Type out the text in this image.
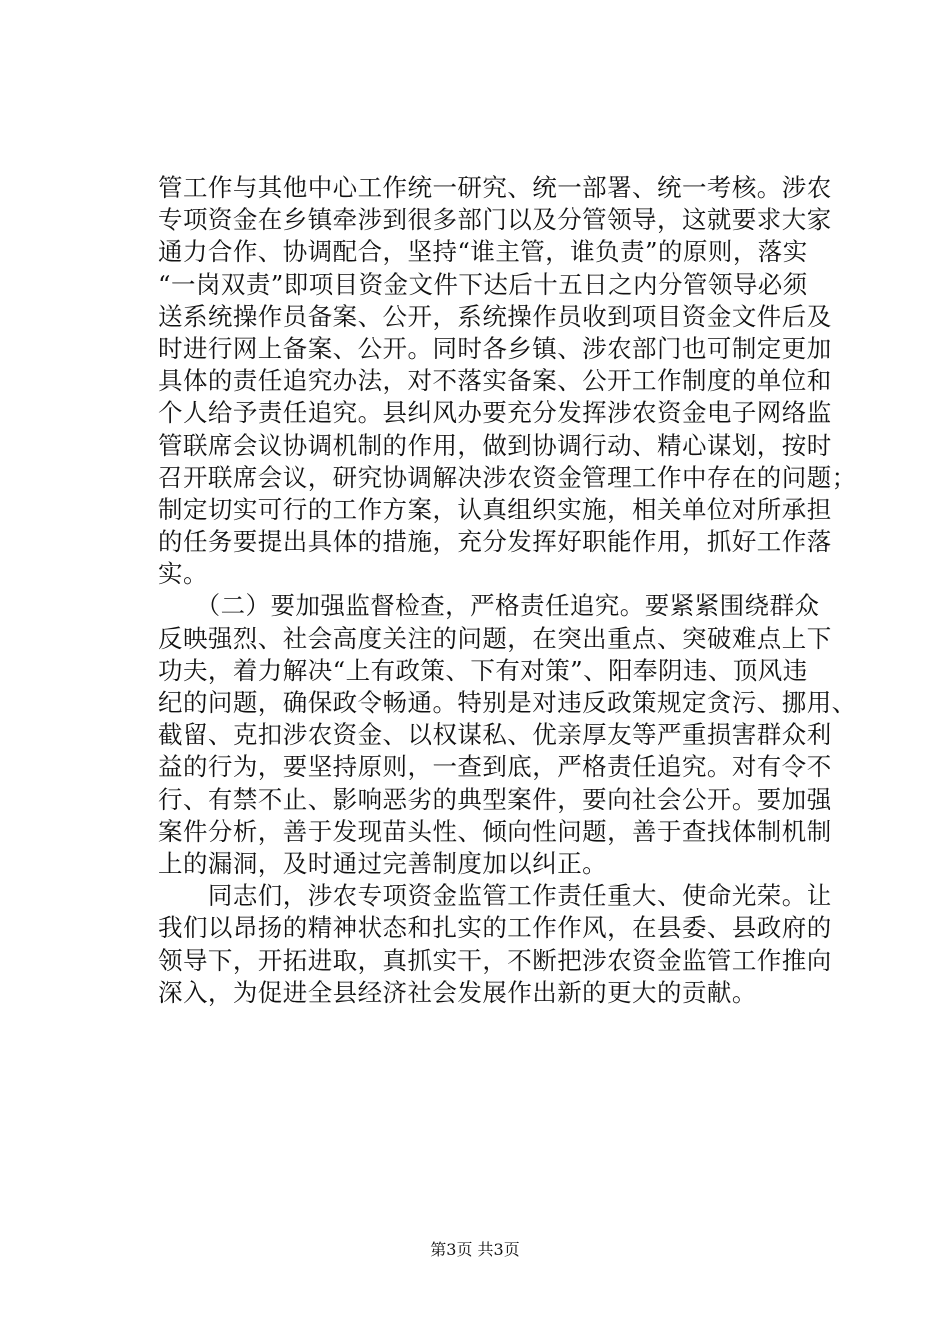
管工作与其他中心工作统一研究、统一部署、统一考核。涉农
专项资金在乡镇牵涉到很多部门以及分管领导，这就要求大家
通力合作、协调配合，坚持“谁主管，谁负责”的原则，落实
“一岗双责”即项目资金文件下达后十五日之内分管领导必须
送系统操作员备案、公开，系统操作员收到项目资金文件后及
时进行网上备案、公开。同时各乡镇、涉农部门也可制定更加
具体的责任追究办法，对不落实备案、公开工作制度的单位和
个人给予责任追究。县纠风办要充分发挥涉农资金电子网络监
管联席会议协调机制的作用，做到协调行动、精心谋划，按时
召开联席会议，研究协调解决涉农资金管理工作中存在的问题；
制定切实可行的工作方案，认真组织实施，相关单位对所承担
的任务要提出具体的措施，充分发挥好职能作用，抓好工作落
实。
　　（二）要加强监督检查，严格责任追究。要紧紧围绕群众
反映强烈、社会高度关注的问题，在突出重点、突破难点上下
功夫，着力解决“上有政策、下有对策”、阳奉阴违、顶风违
纪的问题，确保政令畅通。特别是对违反政策规定贪污、挪用、
截留、克扣涉农资金、以权谋私、优亲厚友等严重损害群众利
益的行为，要坚持原则，一查到底，严格责任追究。对有令不
行、有禁不止、影响恶劣的典型案件，要向社会公开。要加强
案件分析，善于发现苗头性、倾向性问题，善于查找体制机制
上的漏洞，及时通过完善制度加以纠正。
　　同志们，涉农专项资金监管工作责任重大、使命光荣。让
我们以昂扬的精神状态和扎实的工作作风，在县委、县政府的
领导下，开拓进取，真抓实干，不断把涉农资金监管工作推向
深入，为促进全县经济社会发展作出新的更大的贡献。
第3页 共3页
